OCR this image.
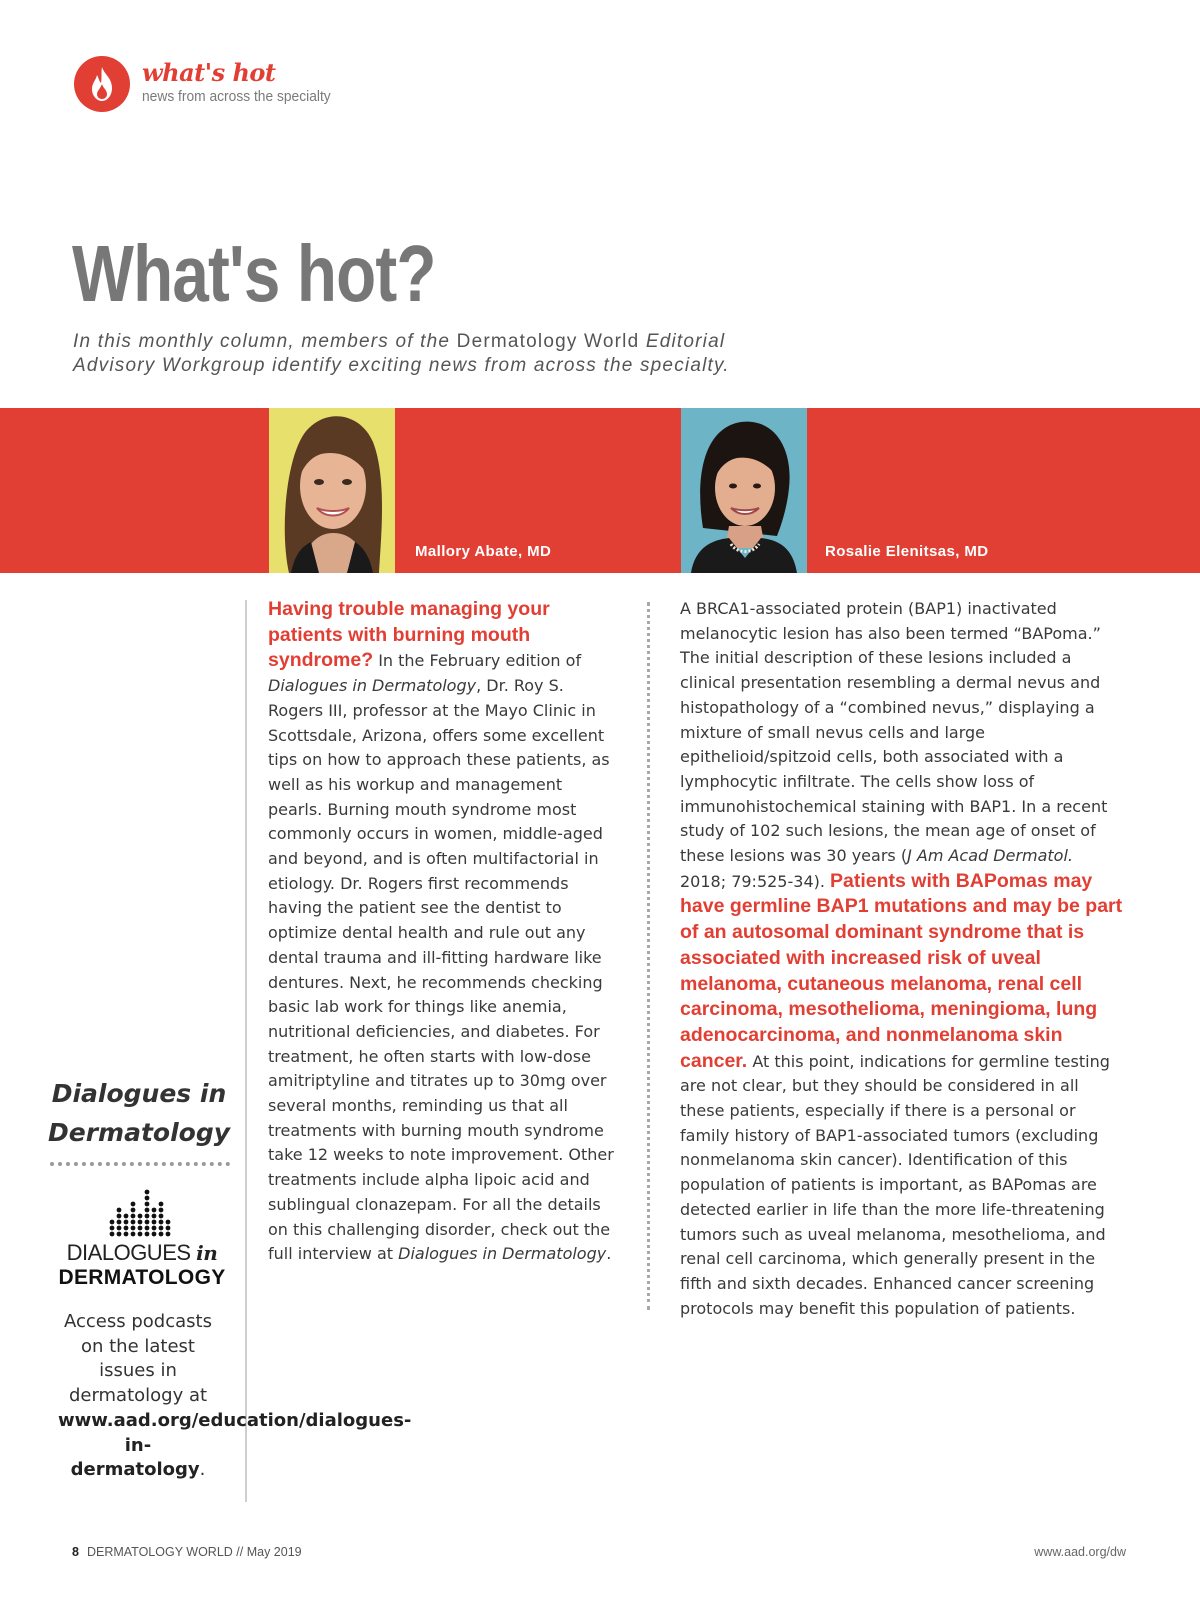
what's hot
news from across the specialty
What's hot?
In this monthly column, members of the Dermatology World Editorial Advisory Workgroup identify exciting news from across the specialty.
Mallory Abate, MD	Rosalie Elenitsas, MD
Having trouble managing your patients with burning mouth syndrome? In the February edition of Dialogues in Dermatology, Dr. Roy S. Rogers III, professor at the Mayo Clinic in Scottsdale, Arizona, offers some excellent tips on how to approach these patients, as well as his workup and management pearls. Burning mouth syndrome most commonly occurs in women, middle-aged and beyond, and is often multifactorial in etiology. Dr. Rogers first recommends having the patient see the dentist to optimize dental health and rule out any dental trauma and ill-fitting hardware like dentures. Next, he recommends checking basic lab work for things like anemia, nutritional deficiencies, and diabetes. For treatment, he often starts with low-dose amitriptyline and titrates up to 30mg over several months, reminding us that all treatments with burning mouth syndrome take 12 weeks to note improvement. Other treatments include alpha lipoic acid and sublingual clonazepam. For all the details on this challenging disorder, check out the full interview at Dialogues in Dermatology.
A BRCA1-associated protein (BAP1) inactivated melanocytic lesion has also been termed “BAPoma.” The initial description of these lesions included a clinical presentation resembling a dermal nevus and histopathology of a “combined nevus,” displaying a mixture of small nevus cells and large epithelioid/spitzoid cells, both associated with a lymphocytic infiltrate. The cells show loss of immunohistochemical staining with BAP1. In a recent study of 102 such lesions, the mean age of onset of these lesions was 30 years (J Am Acad Dermatol. 2018; 79:525-34). Patients with BAPomas may have germline BAP1 mutations and may be part of an autosomal dominant syndrome that is associated with increased risk of uveal melanoma, cutaneous melanoma, renal cell carcinoma, mesothelioma, meningioma, lung adenocarcinoma, and nonmelanoma skin cancer. At this point, indications for germline testing are not clear, but they should be considered in all these patients, especially if there is a personal or family history of BAP1-associated tumors (excluding nonmelanoma skin cancer). Identification of this population of patients is important, as BAPomas are detected earlier in life than the more life-threatening tumors such as uveal melanoma, mesothelioma, and renal cell carcinoma, which generally present in the fifth and sixth decades. Enhanced cancer screening protocols may benefit this population of patients.
Dialogues in Dermatology
DIALOGUES in
DERMATOLOGY
Access podcasts on the latest issues in dermatology at www.aad.org/education/dialogues-in-dermatology.
8 DERMATOLOGY WORLD // May 2019	www.aad.org/dw
